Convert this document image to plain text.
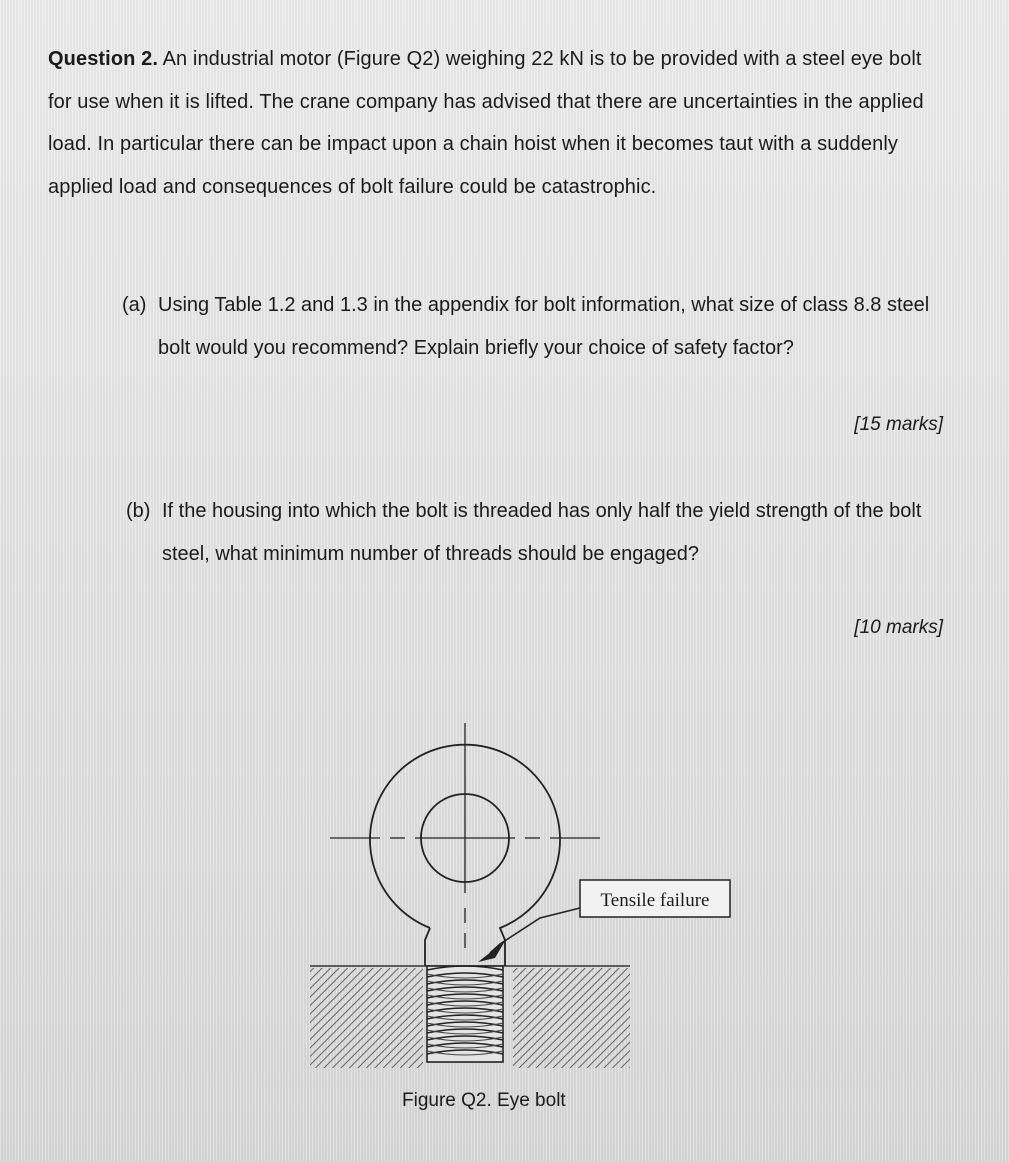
Question 2. An industrial motor (Figure Q2) weighing 22 kN is to be provided with a steel eye bolt for use when it is lifted. The crane company has advised that there are uncertainties in the applied load. In particular there can be impact upon a chain hoist when it becomes taut with a suddenly applied load and consequences of bolt failure could be catastrophic.
(a) Using Table 1.2 and 1.3 in the appendix for bolt information, what size of class 8.8 steel bolt would you recommend? Explain briefly your choice of safety factor?
[15 marks]
(b) If the housing into which the bolt is threaded has only half the yield strength of the bolt steel, what minimum number of threads should be engaged?
[10 marks]
Tensile failure
Figure Q2. Eye bolt
